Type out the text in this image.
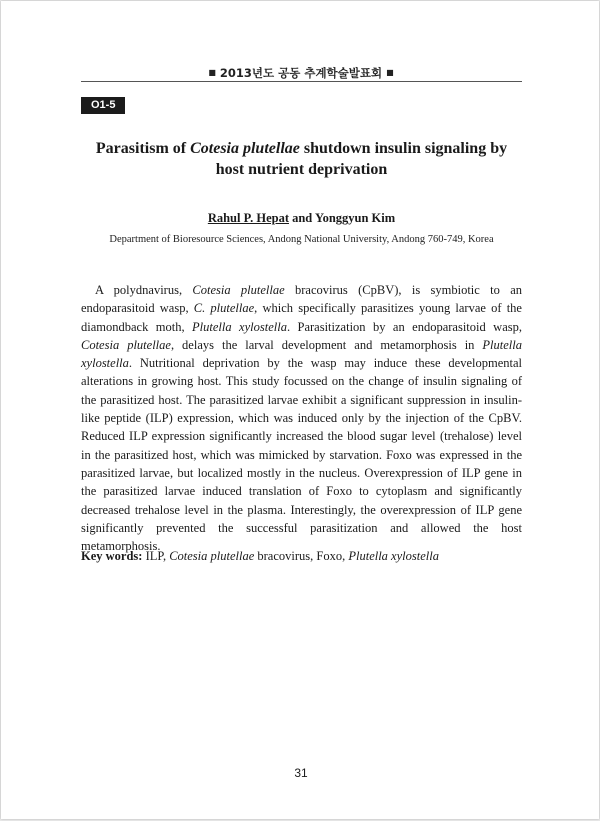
■ 2013년도 공동 추계학술발표회 ■
O1-5
Parasitism of Cotesia plutellae shutdown insulin signaling by host nutrient deprivation
Rahul P. Hepat and Yonggyun Kim
Department of Bioresource Sciences, Andong National University, Andong 760-749, Korea

A polydnavirus, Cotesia plutellae bracovirus (CpBV), is symbiotic to an endoparasitoid wasp, C. plutellae, which specifically parasitizes young larvae of the diamondback moth, Plutella xylostella. Parasitization by an endoparasitoid wasp, Cotesia plutellae, delays the larval development and metamorphosis in Plutella xylostella. Nutritional deprivation by the wasp may induce these developmental alterations in growing host. This study focussed on the change of insulin signaling of the parasitized host. The parasitized larvae exhibit a significant suppression in insulin-like peptide (ILP) expression, which was induced only by the injection of the CpBV. Reduced ILP expression significantly increased the blood sugar level (trehalose) level in the parasitized host, which was mimicked by starvation. Foxo was expressed in the parasitized larvae, but localized mostly in the nucleus. Overexpression of ILP gene in the parasitized larvae induced translation of Foxo to cytoplasm and significantly decreased trehalose level in the plasma. Interestingly, the overexpression of ILP gene significantly prevented the successful parasitization and allowed the host metamorphosis.

Key words: ILP, Cotesia plutellae bracovirus, Foxo, Plutella xylostella
31
